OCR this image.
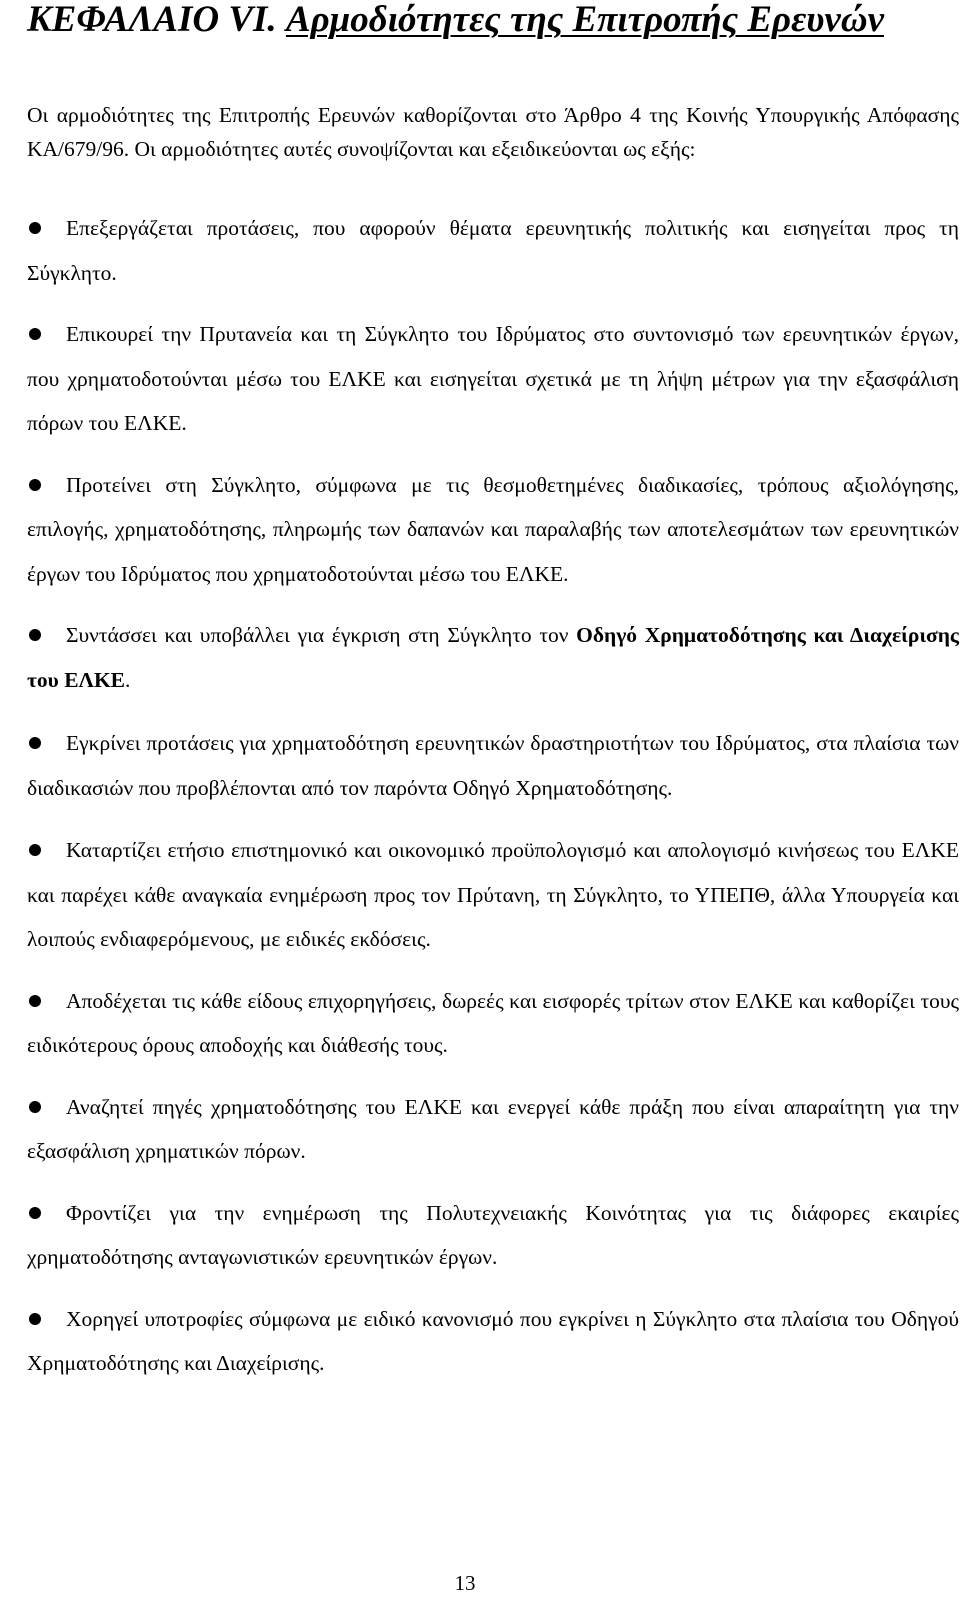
ΚΕΦΑΛΑΙΟ VI. Αρμοδιότητες της Επιτροπής Ερευνών

Οι αρμοδιότητες της Επιτροπής Ερευνών καθορίζονται στο Άρθρο 4 της Κοινής Υπουργικής Απόφασης ΚΑ/679/96. Οι αρμοδιότητες αυτές συνοψίζονται και εξειδικεύονται ως εξής:

Επεξεργάζεται προτάσεις, που αφορούν θέματα ερευνητικής πολιτικής και εισηγείται προς τη Σύγκλητο.
Επικουρεί την Πρυτανεία και τη Σύγκλητο του Ιδρύματος στο συντονισμό των ερευνητικών έργων, που χρηματοδοτούνται μέσω του ΕΛΚΕ και εισηγείται σχετικά με τη λήψη μέτρων για την εξασφάλιση πόρων του ΕΛΚΕ.
Προτείνει στη Σύγκλητο, σύμφωνα με τις θεσμοθετημένες διαδικασίες, τρόπους αξιολόγησης, επιλογής, χρηματοδότησης, πληρωμής των δαπανών και παραλαβής των αποτελεσμάτων των ερευνητικών έργων του Ιδρύματος που χρηματοδοτούνται μέσω του ΕΛΚΕ.
Συντάσσει και υποβάλλει για έγκριση στη Σύγκλητο τον Οδηγό Χρηματοδότησης και Διαχείρισης του ΕΛΚΕ.
Εγκρίνει προτάσεις για χρηματοδότηση ερευνητικών δραστηριοτήτων του Ιδρύματος, στα πλαίσια των διαδικασιών που προβλέπονται από τον παρόντα Οδηγό Χρηματοδότησης.
Καταρτίζει ετήσιο επιστημονικό και οικονομικό προϋπολογισμό και απολογισμό κινήσεως του ΕΛΚΕ και παρέχει κάθε αναγκαία ενημέρωση προς τον Πρύτανη, τη Σύγκλητο, το ΥΠΕΠΘ, άλλα Υπουργεία και λοιπούς ενδιαφερόμενους, με ειδικές εκδόσεις.
Αποδέχεται τις κάθε είδους επιχορηγήσεις, δωρεές και εισφορές τρίτων στον ΕΛΚΕ και καθορίζει τους ειδικότερους όρους αποδοχής και διάθεσής τους.
Αναζητεί πηγές χρηματοδότησης του ΕΛΚΕ και ενεργεί κάθε πράξη που είναι απαραίτητη για την εξασφάλιση χρηματικών πόρων.
Φροντίζει για την ενημέρωση της Πολυτεχνειακής Κοινότητας για τις διάφορες εκαιρίες χρηματοδότησης ανταγωνιστικών ερευνητικών έργων.
Χορηγεί υποτροφίες σύμφωνα με ειδικό κανονισμό που εγκρίνει η Σύγκλητο στα πλαίσια του Οδηγού Χρηματοδότησης και Διαχείρισης.
13
